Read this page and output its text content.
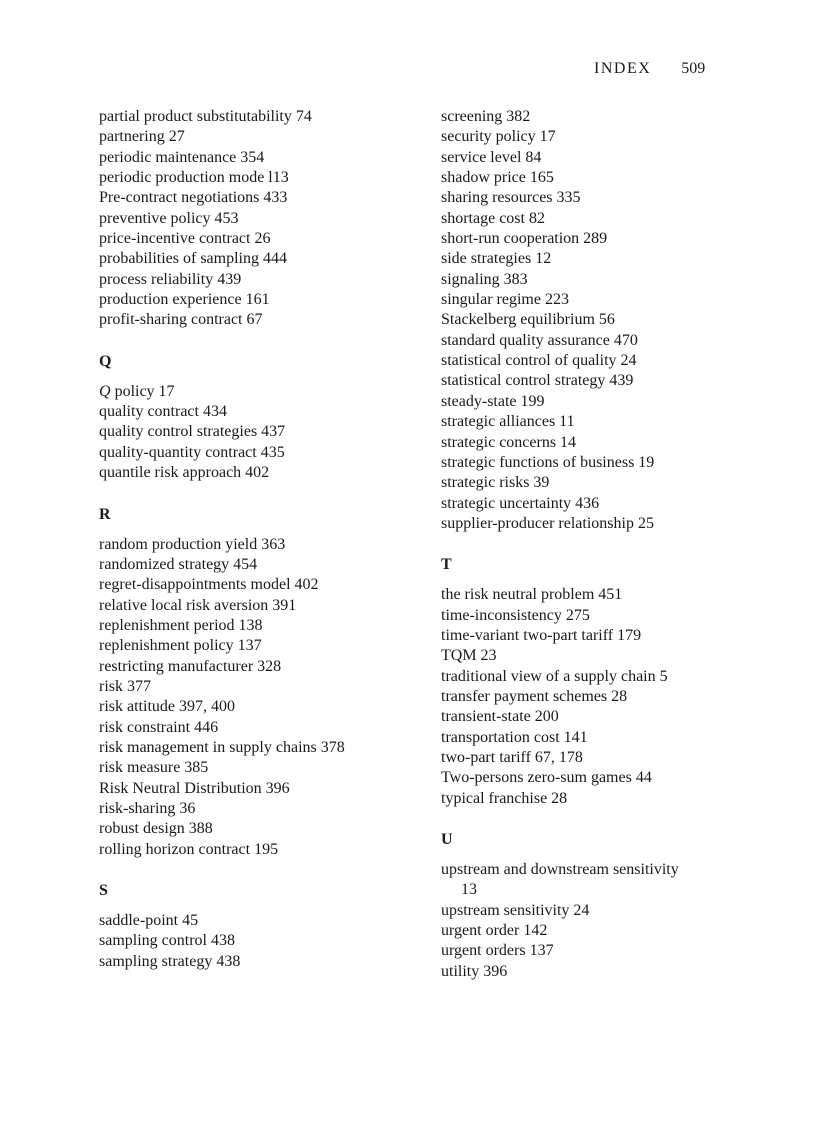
INDEX 509
partial product substitutability 74
partnering 27
periodic maintenance 354
periodic production mode l13
Pre-contract negotiations 433
preventive policy 453
price-incentive contract 26
probabilities of sampling 444
process reliability 439
production experience 161
profit-sharing contract 67
Q
Q policy 17
quality contract 434
quality control strategies 437
quality-quantity contract 435
quantile risk approach 402
R
random production yield 363
randomized strategy 454
regret-disappointments model 402
relative local risk aversion 391
replenishment period 138
replenishment policy 137
restricting manufacturer 328
risk 377
risk attitude 397, 400
risk constraint 446
risk management in supply chains 378
risk measure 385
Risk Neutral Distribution 396
risk-sharing 36
robust design 388
rolling horizon contract 195
S
saddle-point 45
sampling control 438
sampling strategy 438
screening 382
security policy 17
service level 84
shadow price 165
sharing resources 335
shortage cost 82
short-run cooperation 289
side strategies 12
signaling 383
singular regime 223
Stackelberg equilibrium 56
standard quality assurance 470
statistical control of quality 24
statistical control strategy 439
steady-state 199
strategic alliances 11
strategic concerns 14
strategic functions of business 19
strategic risks 39
strategic uncertainty 436
supplier-producer relationship 25
T
the risk neutral problem 451
time-inconsistency 275
time-variant two-part tariff 179
TQM 23
traditional view of a supply chain 5
transfer payment schemes 28
transient-state 200
transportation cost 141
two-part tariff 67, 178
Two-persons zero-sum games 44
typical franchise 28
U
upstream and downstream sensitivity 13
upstream sensitivity 24
urgent order 142
urgent orders 137
utility 396
